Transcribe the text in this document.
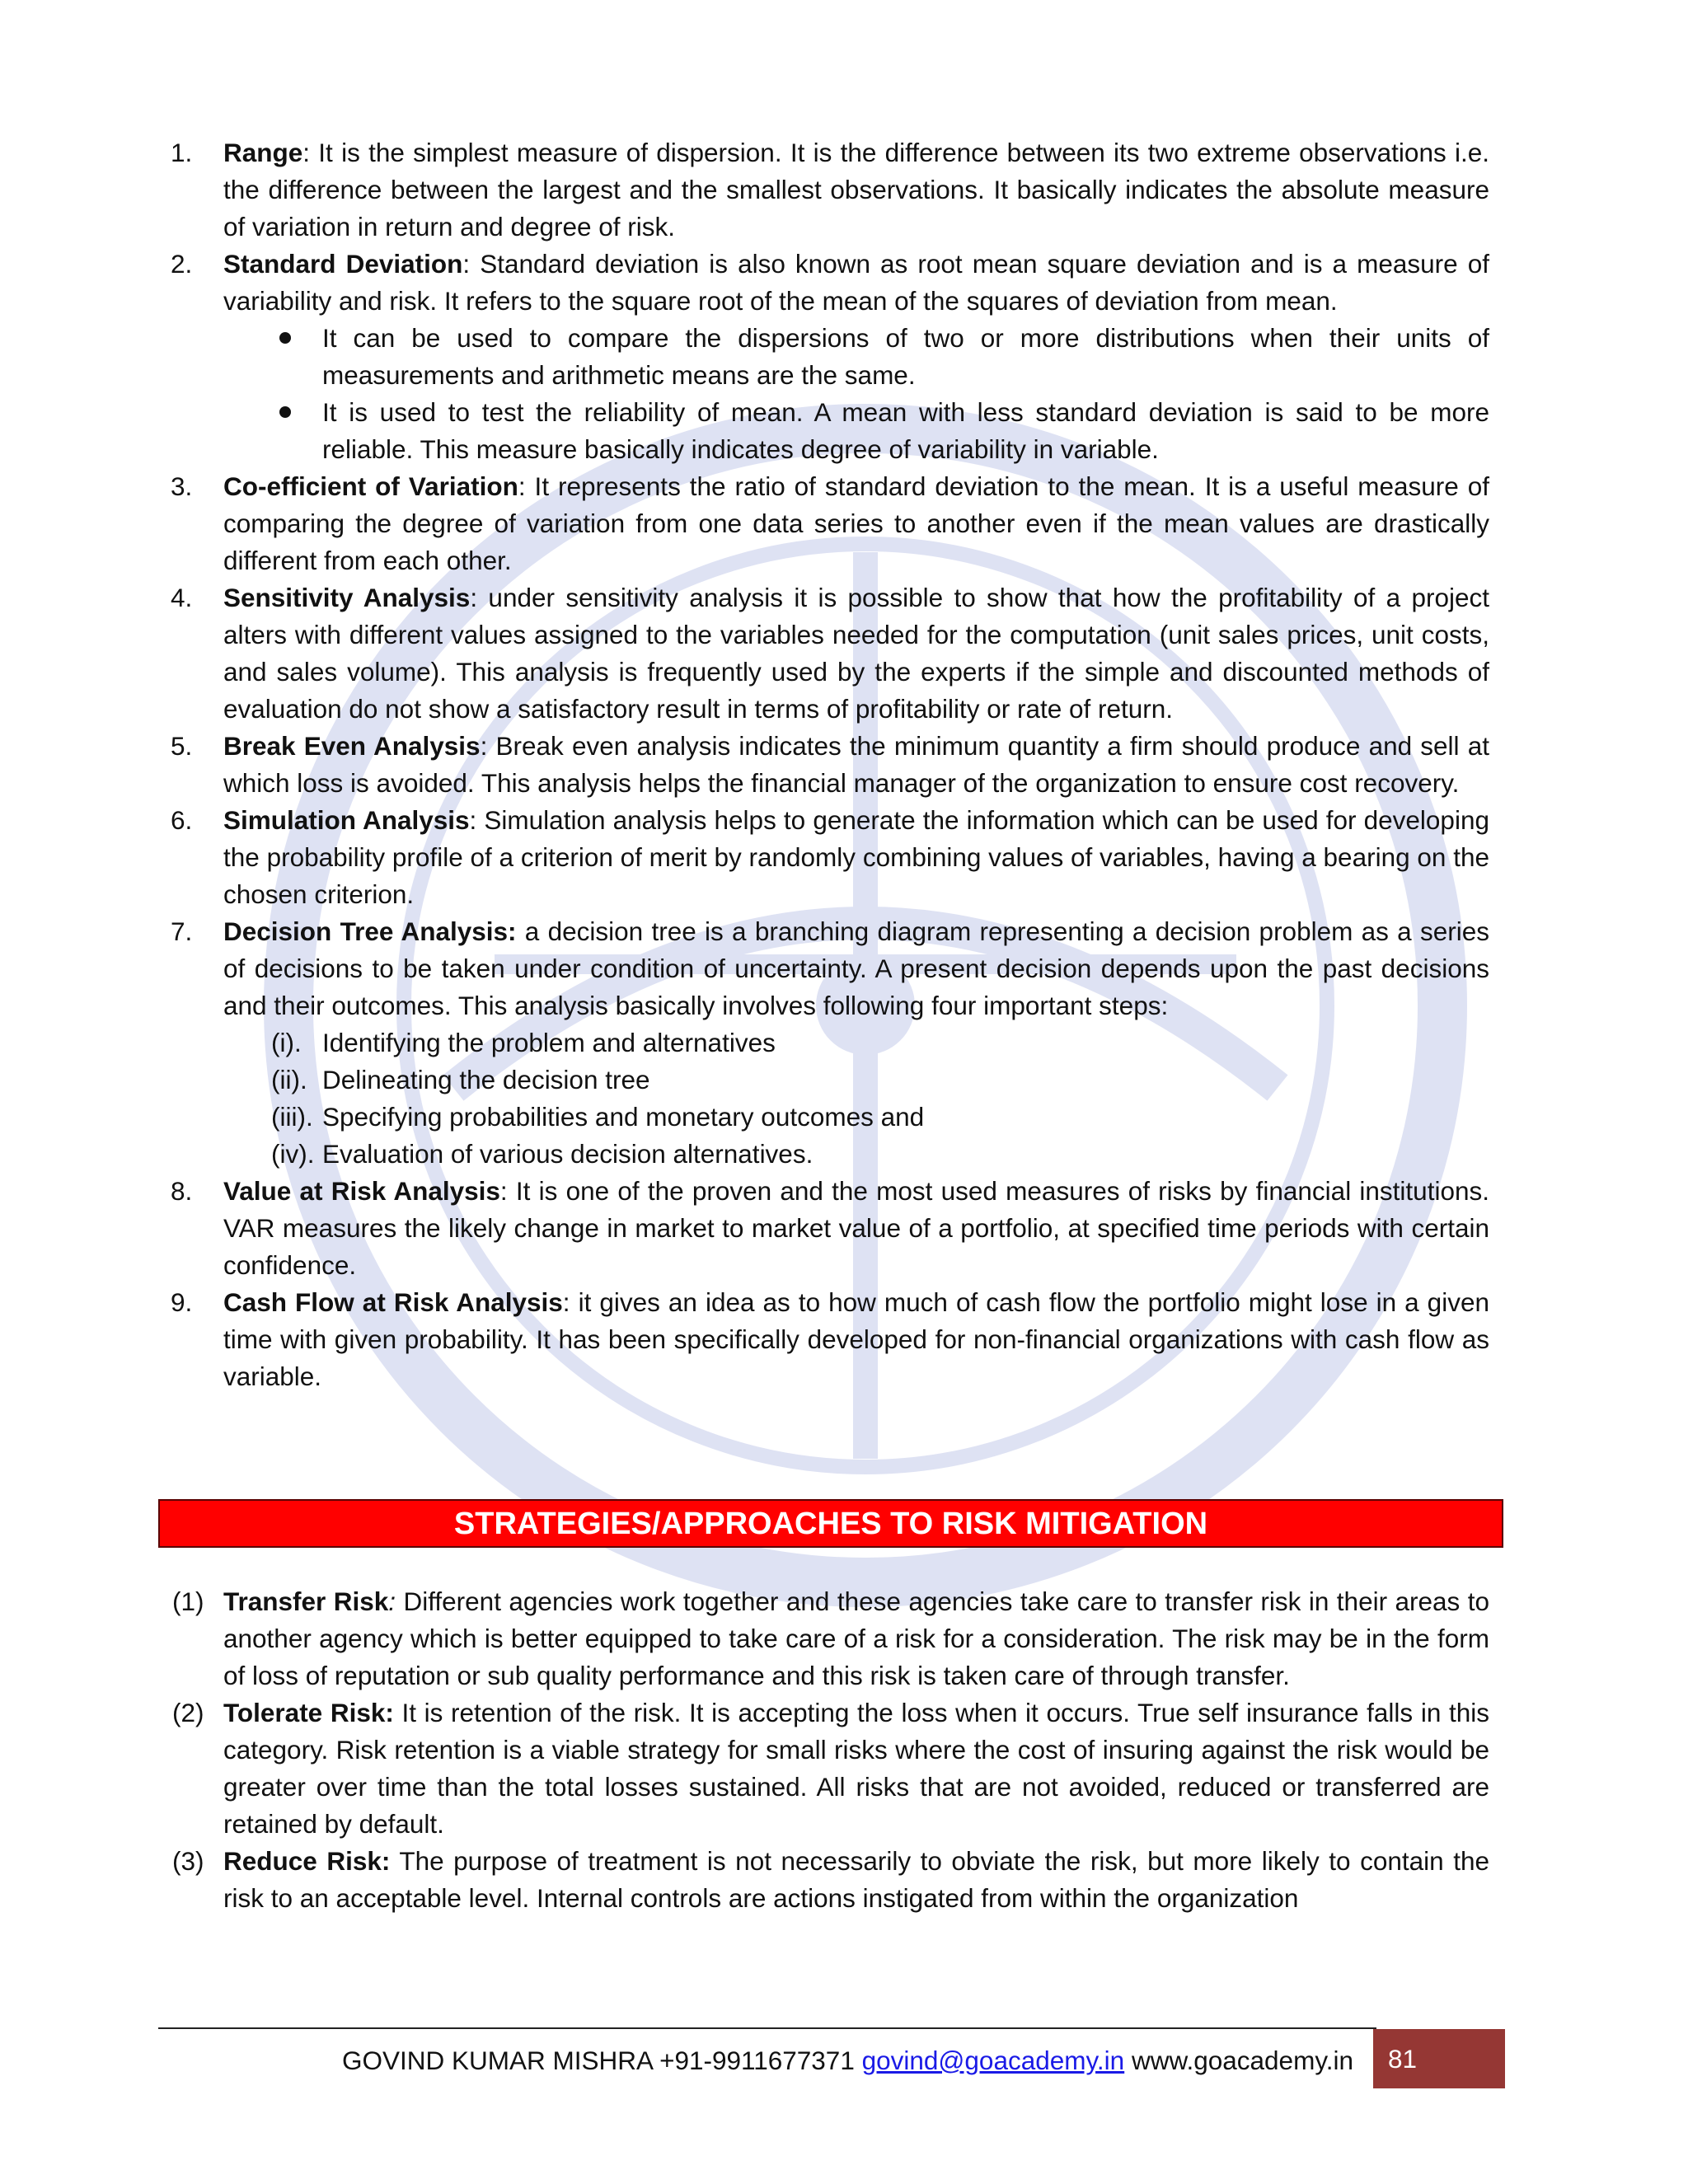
1. Range: It is the simplest measure of dispersion. It is the difference between its two extreme observations i.e. the difference between the largest and the smallest observations. It basically indicates the absolute measure of variation in return and degree of risk.
2. Standard Deviation: Standard deviation is also known as root mean square deviation and is a measure of variability and risk. It refers to the square root of the mean of the squares of deviation from mean.
It can be used to compare the dispersions of two or more distributions when their units of measurements and arithmetic means are the same.
It is used to test the reliability of mean. A mean with less standard deviation is said to be more reliable. This measure basically indicates degree of variability in variable.
3. Co-efficient of Variation: It represents the ratio of standard deviation to the mean. It is a useful measure of comparing the degree of variation from one data series to another even if the mean values are drastically different from each other.
4. Sensitivity Analysis: under sensitivity analysis it is possible to show that how the profitability of a project alters with different values assigned to the variables needed for the computation (unit sales prices, unit costs, and sales volume). This analysis is frequently used by the experts if the simple and discounted methods of evaluation do not show a satisfactory result in terms of profitability or rate of return.
5. Break Even Analysis: Break even analysis indicates the minimum quantity a firm should produce and sell at which loss is avoided. This analysis helps the financial manager of the organization to ensure cost recovery.
6. Simulation Analysis: Simulation analysis helps to generate the information which can be used for developing the probability profile of a criterion of merit by randomly combining values of variables, having a bearing on the chosen criterion.
7. Decision Tree Analysis: a decision tree is a branching diagram representing a decision problem as a series of decisions to be taken under condition of uncertainty. A present decision depends upon the past decisions and their outcomes. This analysis basically involves following four important steps:
(i). Identifying the problem and alternatives
(ii). Delineating the decision tree
(iii). Specifying probabilities and monetary outcomes and
(iv). Evaluation of various decision alternatives.
8. Value at Risk Analysis: It is one of the proven and the most used measures of risks by financial institutions. VAR measures the likely change in market to market value of a portfolio, at specified time periods with certain confidence.
9. Cash Flow at Risk Analysis: it gives an idea as to how much of cash flow the portfolio might lose in a given time with given probability. It has been specifically developed for non-financial organizations with cash flow as variable.
STRATEGIES/APPROACHES TO RISK MITIGATION
(1) Transfer Risk: Different agencies work together and these agencies take care to transfer risk in their areas to another agency which is better equipped to take care of a risk for a consideration. The risk may be in the form of loss of reputation or sub quality performance and this risk is taken care of through transfer.
(2) Tolerate Risk: It is retention of the risk. It is accepting the loss when it occurs. True self insurance falls in this category. Risk retention is a viable strategy for small risks where the cost of insuring against the risk would be greater over time than the total losses sustained. All risks that are not avoided, reduced or transferred are retained by default.
(3) Reduce Risk: The purpose of treatment is not necessarily to obviate the risk, but more likely to contain the risk to an acceptable level. Internal controls are actions instigated from within the organization
GOVIND KUMAR MISHRA +91-9911677371 govind@goacademy.in www.goacademy.in	81
